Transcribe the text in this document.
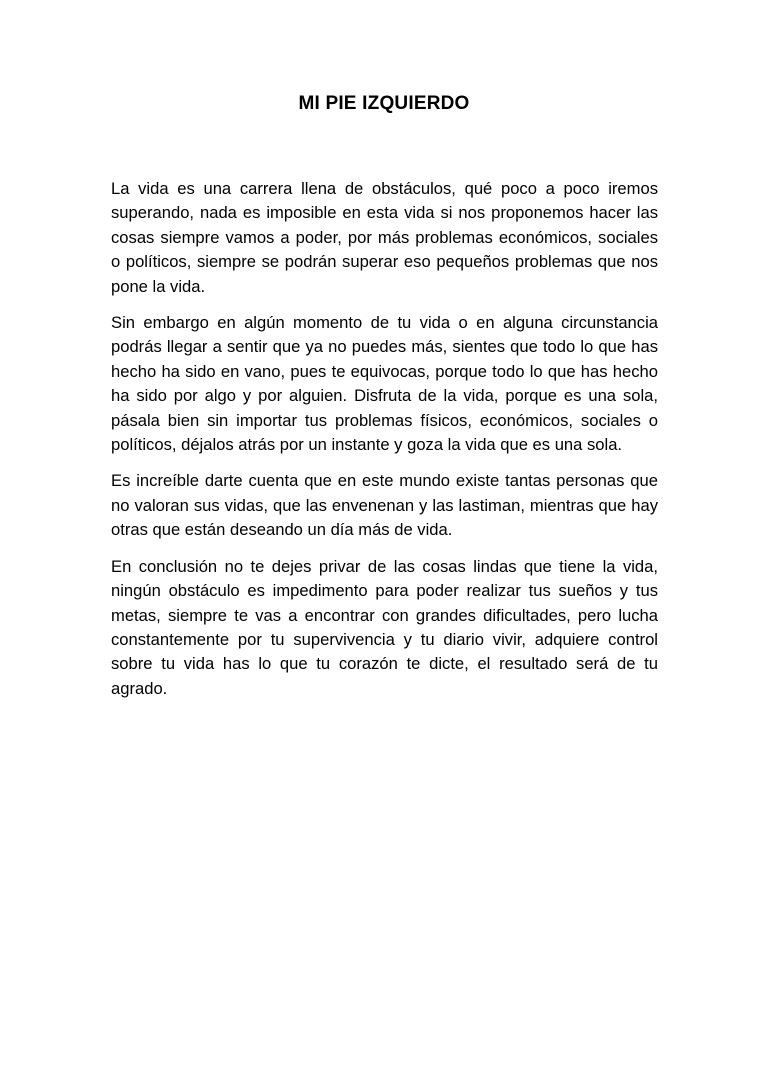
MI PIE IZQUIERDO

La vida es una carrera llena de obstáculos, qué poco a poco iremos superando, nada es imposible en esta vida si nos proponemos hacer las cosas siempre vamos a poder, por más problemas económicos, sociales o políticos, siempre se podrán superar eso pequeños problemas que nos pone la vida.

Sin embargo en algún momento de tu vida o en alguna circunstancia podrás llegar a sentir que ya no puedes más, sientes que todo lo que has hecho ha sido en vano, pues te equivocas, porque todo lo que has hecho ha sido por algo y por alguien. Disfruta de la vida, porque es una sola, pásala bien sin importar tus problemas físicos, económicos, sociales o políticos, déjalos atrás por un instante y goza la vida que es una sola.

Es increíble darte cuenta que en este mundo existe tantas personas que no valoran sus vidas, que las envenenan y las lastiman, mientras que hay otras que están deseando un día más de vida.

En conclusión no te dejes privar de las cosas lindas que tiene la vida, ningún obstáculo es impedimento para poder realizar tus sueños y tus metas, siempre te vas a encontrar con grandes dificultades, pero lucha constantemente por tu supervivencia y tu diario vivir, adquiere control sobre tu vida has lo que tu corazón te dicte, el resultado será de tu agrado.
